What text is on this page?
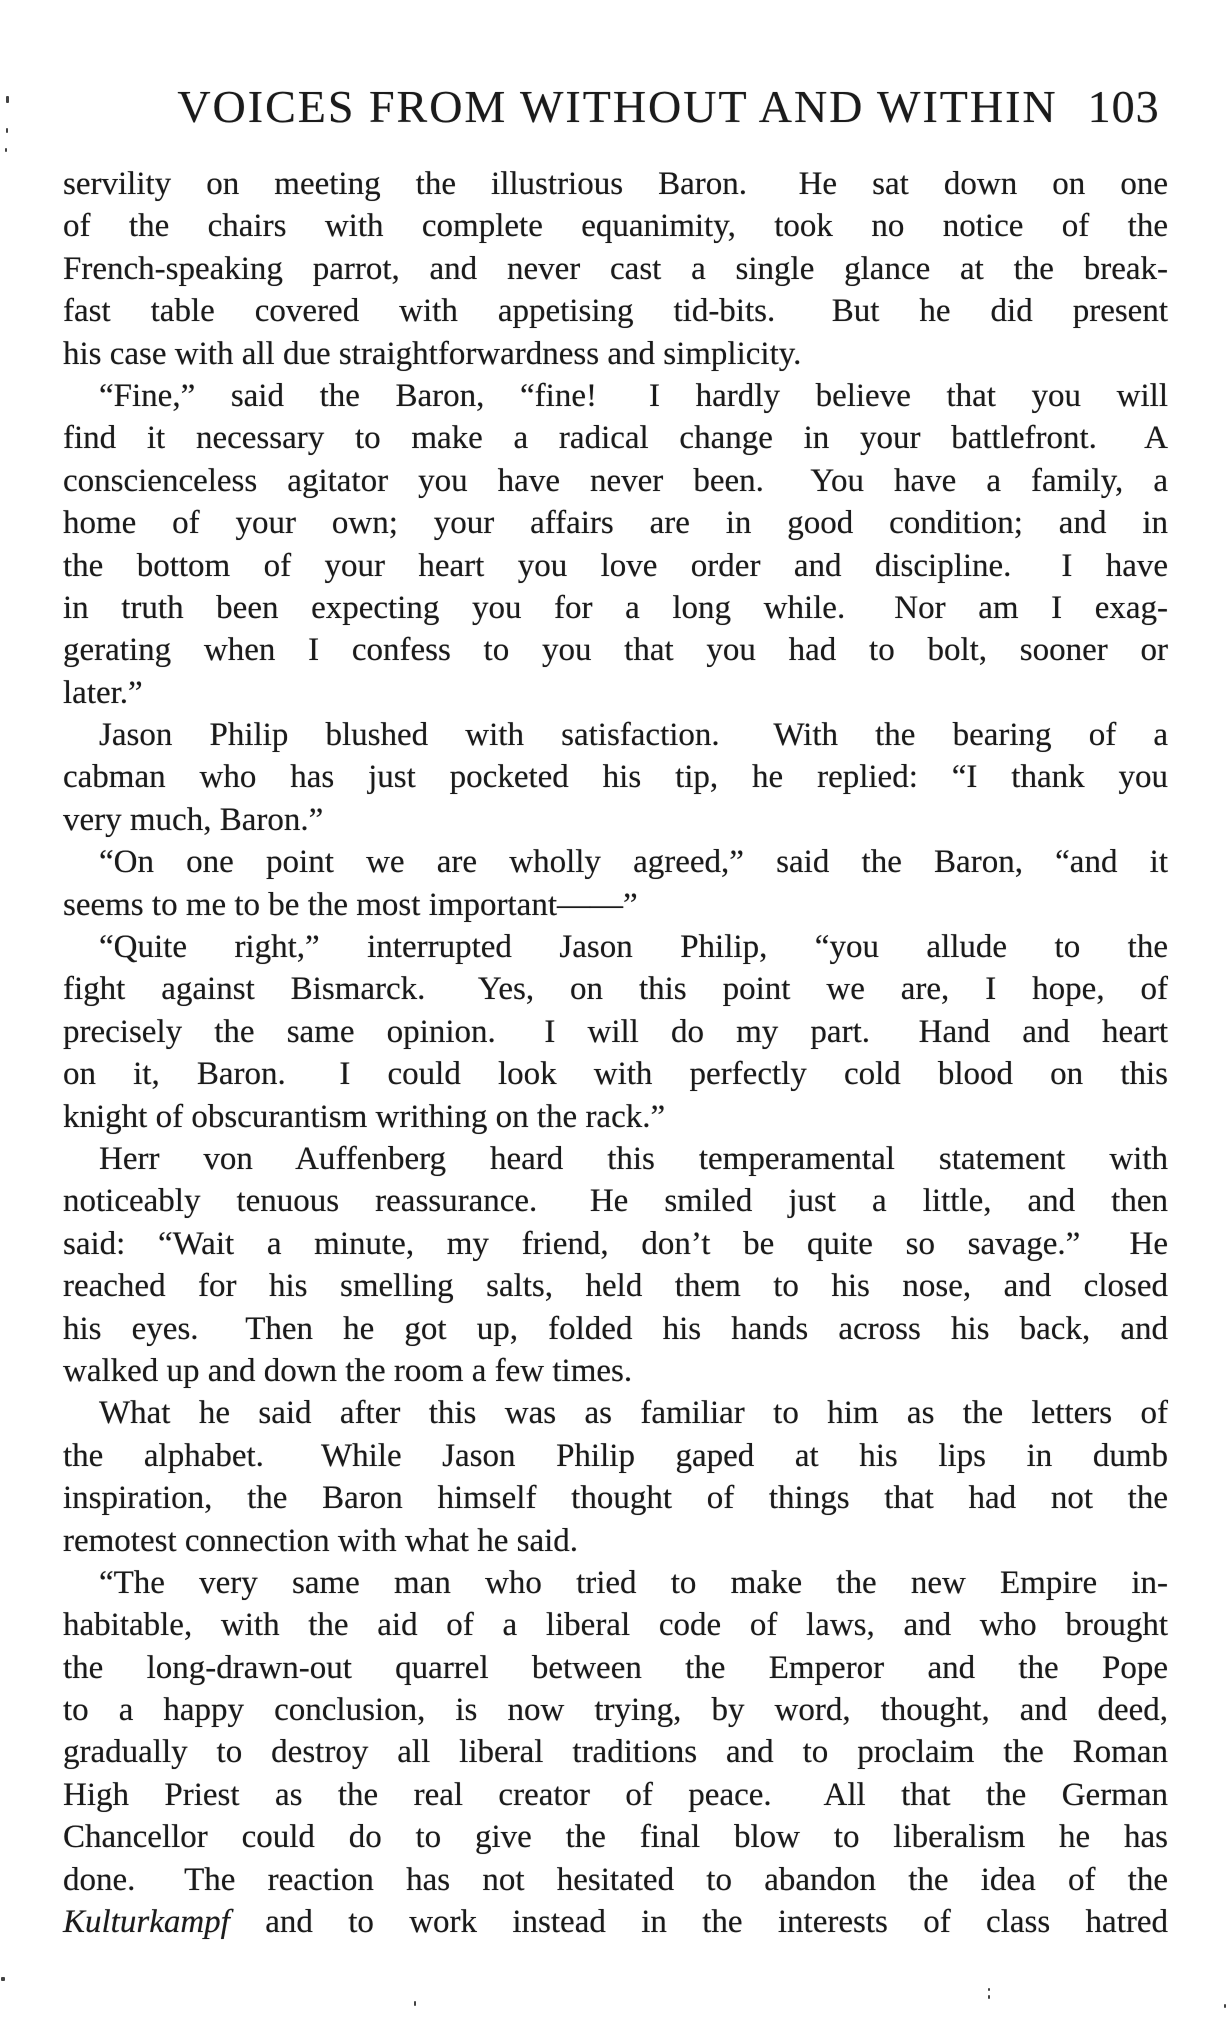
VOICES FROM WITHOUT AND WITHIN 103
servility on meeting the illustrious Baron.  He sat down on one
of the chairs with complete equanimity, took no notice of the
French-speaking parrot, and never cast a single glance at the break-
fast table covered with appetising tid-bits.  But he did present
his case with all due straightforwardness and simplicity.
“Fine,” said the Baron, “fine!  I hardly believe that you will
find it necessary to make a radical change in your battlefront.  A
conscienceless agitator you have never been.  You have a family, a
home of your own; your affairs are in good condition; and in
the bottom of your heart you love order and discipline.  I have
in truth been expecting you for a long while.  Nor am I exag-
gerating when I confess to you that you had to bolt, sooner or
later.”
Jason Philip blushed with satisfaction.  With the bearing of a
cabman who has just pocketed his tip, he replied: “I thank you
very much, Baron.”
“On one point we are wholly agreed,” said the Baron, “and it
seems to me to be the most important——”
“Quite right,” interrupted Jason Philip, “you allude to the
fight against Bismarck.  Yes, on this point we are, I hope, of
precisely the same opinion.  I will do my part.  Hand and heart
on it, Baron.  I could look with perfectly cold blood on this
knight of obscurantism writhing on the rack.”
Herr von Auffenberg heard this temperamental statement with
noticeably tenuous reassurance.  He smiled just a little, and then
said: “Wait a minute, my friend, don’t be quite so savage.”  He
reached for his smelling salts, held them to his nose, and closed
his eyes.  Then he got up, folded his hands across his back, and
walked up and down the room a few times.
What he said after this was as familiar to him as the letters of
the alphabet.  While Jason Philip gaped at his lips in dumb
inspiration, the Baron himself thought of things that had not the
remotest connection with what he said.
“The very same man who tried to make the new Empire in-
habitable, with the aid of a liberal code of laws, and who brought
the long-drawn-out quarrel between the Emperor and the Pope
to a happy conclusion, is now trying, by word, thought, and deed,
gradually to destroy all liberal traditions and to proclaim the Roman
High Priest as the real creator of peace.  All that the German
Chancellor could do to give the final blow to liberalism he has
done.  The reaction has not hesitated to abandon the idea of the
Kulturkampf and to work instead in the interests of class hatred
